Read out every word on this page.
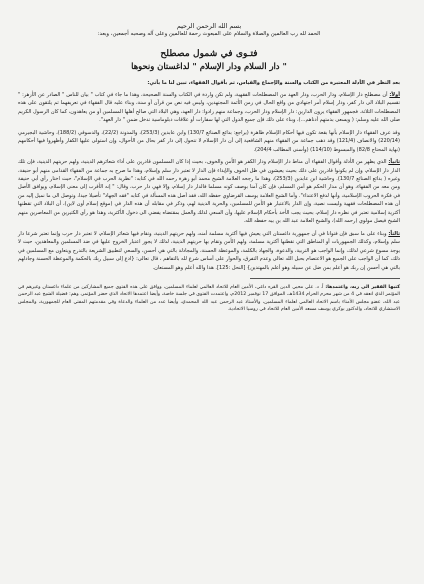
بسم الله الرحمن الرحيم
الحمد لله رب العالمين والصلاة والسلام على المبعوث رحمة للعالمين وعلى آله وصحبه أجمعين، وبعد:
فتـوى في شمول مصطلح
" دار السلام ودار الإسلام " لداغستان ونحوها

بعد النظر في الأدلة المعتبرة من الكتاب والسنة والإجماع والقياس، ثم بأقوال الفقهاء، تبين لنا ما يأتي:

أولاً: أن مصطلح دار الإسلام، ودار الحرب، ودار العهد من المصطلحات الفقهية، ولم تكن واردة في الكتاب والسنة الصحيحة، وهذا ما جاء في كتاب " بيان للناس " الصادر عن الأزهر: " تقسيم البلاد الى دار كفر، ودار إسلام أمر اجتهادي من واقع الحال في زمن الأئمة المجتهدين، وليس فيه نص من قرآن أو سنة، وبناء عليه قال الفقهاء في تعريفهما ثم يلتقون على هذه المصطلحات الثلاثة. فجمهور الفقهاء يرون الدارين: دار الإسلام ودار الحرب، وجماعة منهم زادوا: دار العهد، وهي البلاد التي صالح أهلها المسلمين أو من يعاهدون، كما كان الرسول الكريم صلى الله عليه وسلم: ( ويسعى بذمتهم أدناهم...)، وبناء على ذلك فإن جميع الدول التي لها سفارات أو علاقات دبلوماسية تدخل ضمن " دار العهد".

وقد عرف الفقهاء دار الإسلام بأنها بقعة تكون فيها أحكام الإسلام ظاهرة (يراجع: بدائع الصنائع 130/7) وابن عابدين (253/3)، والمدونة (22/2)، والدسوقي (188/2)، وحاشية البجيرمي (220/14) والانصاف (121/4) وقد ذهب جماعة من الفقهاء منهم الشافعية إلى أن دار الإسلام لا تتحول إلى دار كفر بحال من الأحوال، وإن استولى عليها الكفار وأظهروا فيها أحكامهم (نهاية المحتاج 82/8) والمبسوط (114/10) (وأسنى المطالب 204/4).

ثانياً: الذي يظهر من الأدلة وأقوال الفقهاء أن مناط دار الإسلام ودار الكفر هو الأمن والخوف، بحيث إذا كان المسلمون قادرين على أداء شعائرهم الدينية، ولهم حريتهم الدينية، فإن تلك الدار دار الإسلام، وإن لم يكونوا قادرين على ذلك بحيث يعيشون في ظل الخوف والإيذاء فإن الدار لا تعتبر دار سلم وإسلام، وهذا ما صرح به جماعة من الفقهاء القدامى منهم أبو حنيفة، وغيره ( بدائع الصنائع 130/7). وحاشية ابن عابدين (253/3)، وهذا ما رجحه العلامة الشيخ محمد أبو زهرة رحمه الله في كتابه: "نظرية الحرب في الإسلام"، حيث اختار رأي أبي حنيفة ومن معه من الفقهاء، وهو أن مدار الحكم هو أمن المسلم، فإن كان آمنا بوصف كونه مسلما فالدار دار إسلام، وإلا فهي دار حرب، وقال: " إنه الأقرب إلى معنى الإسلام، ويوافق الأصل في فكرة الحروب الإسلامية، وأنها لدفع الاعتداء". وأما الشيخ العلامة يوسف القرضاوي حفظه الله، فقد أصل هذه المسألة في كتابه "فقه الجهاد" تأصيلا جيدا، وتوصل الى ما نميل إليه من أن هذه المصطلحات فقهية وليست نصية، وإن الدار بالاعتبار هو الأمن للمسلمين، والحرية الدينية لهم، وذكر في مقابله أن هذه الدار في (موقع إسلام أون لاين)، أن البلاد التي تقطنها أكثرية إسلامية تعتبر في نظره دار إسلام، بحيث يجب الأخذ بأحكام الإسلام عليها، وأن السعي لذلك والعمل بمقتضاه يفضي الى دخول الأكثرية، وهذا هو رأي الكثيرين من المعاصرين منهم الشيخ فيصل مولوي (رحمه الله)، والشيخ العلامة عبد الله بن بيه حفظه الله.

ثالثاً: وبناء على ما سبق فإن فتوانا في أن جمهورية داغستان التي يعيش فيها أكثرية مسلمة أمنه، ولهم حريتهم الدينية، وتقام فيها شعائر الإسلام، لا تعتبر دار حرب وإنما تعتبر شرعا دار سلم وإسلام، وكذلك الجمهوريات أو المناطق التي تقطنها أكثرية مسلمة، ولهم الأمن وتقام بها حريتهم الدينية، لذلك لا يجوز اعتبار الخروج عليها في ضد المسلمين والمعاهدين، حيث لا يوجد مسوغ شرعي لذلك، وإنما الواجب هو التربية، والدعوة، والجهاد بالكلمة، والموعظة الحسنة، والمجادلة بالتي هي أحسن، والسعي لتطبيق الشريعة بالتدرج ويتعاون مع المسلمين في ذلك، كما أن الواجب على الجميع هو الاعتصام بحبل الله تعالى وعدم التفرق، والحوار على أساس شرع لله بالتفاهم ، قال تعالى: {ادع إلى سبيل ربك بالحكمة والموعظة الحسنة وجادلهم بالتي هي أحسن إن ربك هو أعلم بمن ضل عن سبيله وهو أعلم بالمهتدين} [النحل :125]. هذا والله أعلم وهو المستعان.

كتبها الفقير الى ربه، واعتمدها: أ. د. علي محيي الدين القره داغي، الأمين العام للاتحاد العالمي لعلماء المسلمين، ووافق على هذه الفتوى جميع المشاركين من علماء داغستان وغيرهم في المؤتمر الذي انعقد في 4 من شهر محرم الحرام 1434هـ، الموافق 17 نوفمبر 2012م، واعتمدت الفتوى في جلسة خاصة، وأيضا اعتمدها الاتحاد الذي حضر المؤتمر، وهم: فضيلة الشيخ عبد الرحمن عبد الله، عضو مجلس الأمناء باسم الاتحاد العالمي لعلماء المسلمين، والأستاذ عبد الرحمن عبد الله المحمدي، وأيضا عدد من العلماء والدعاة وفي مقدمتهم المفتي العام للجمهورية، والمجلس الاستشاري للاتحاد، والدكتور بوكري يوسف مسعد الأمين العام للاتحاد في روسيا الاتحادية.
